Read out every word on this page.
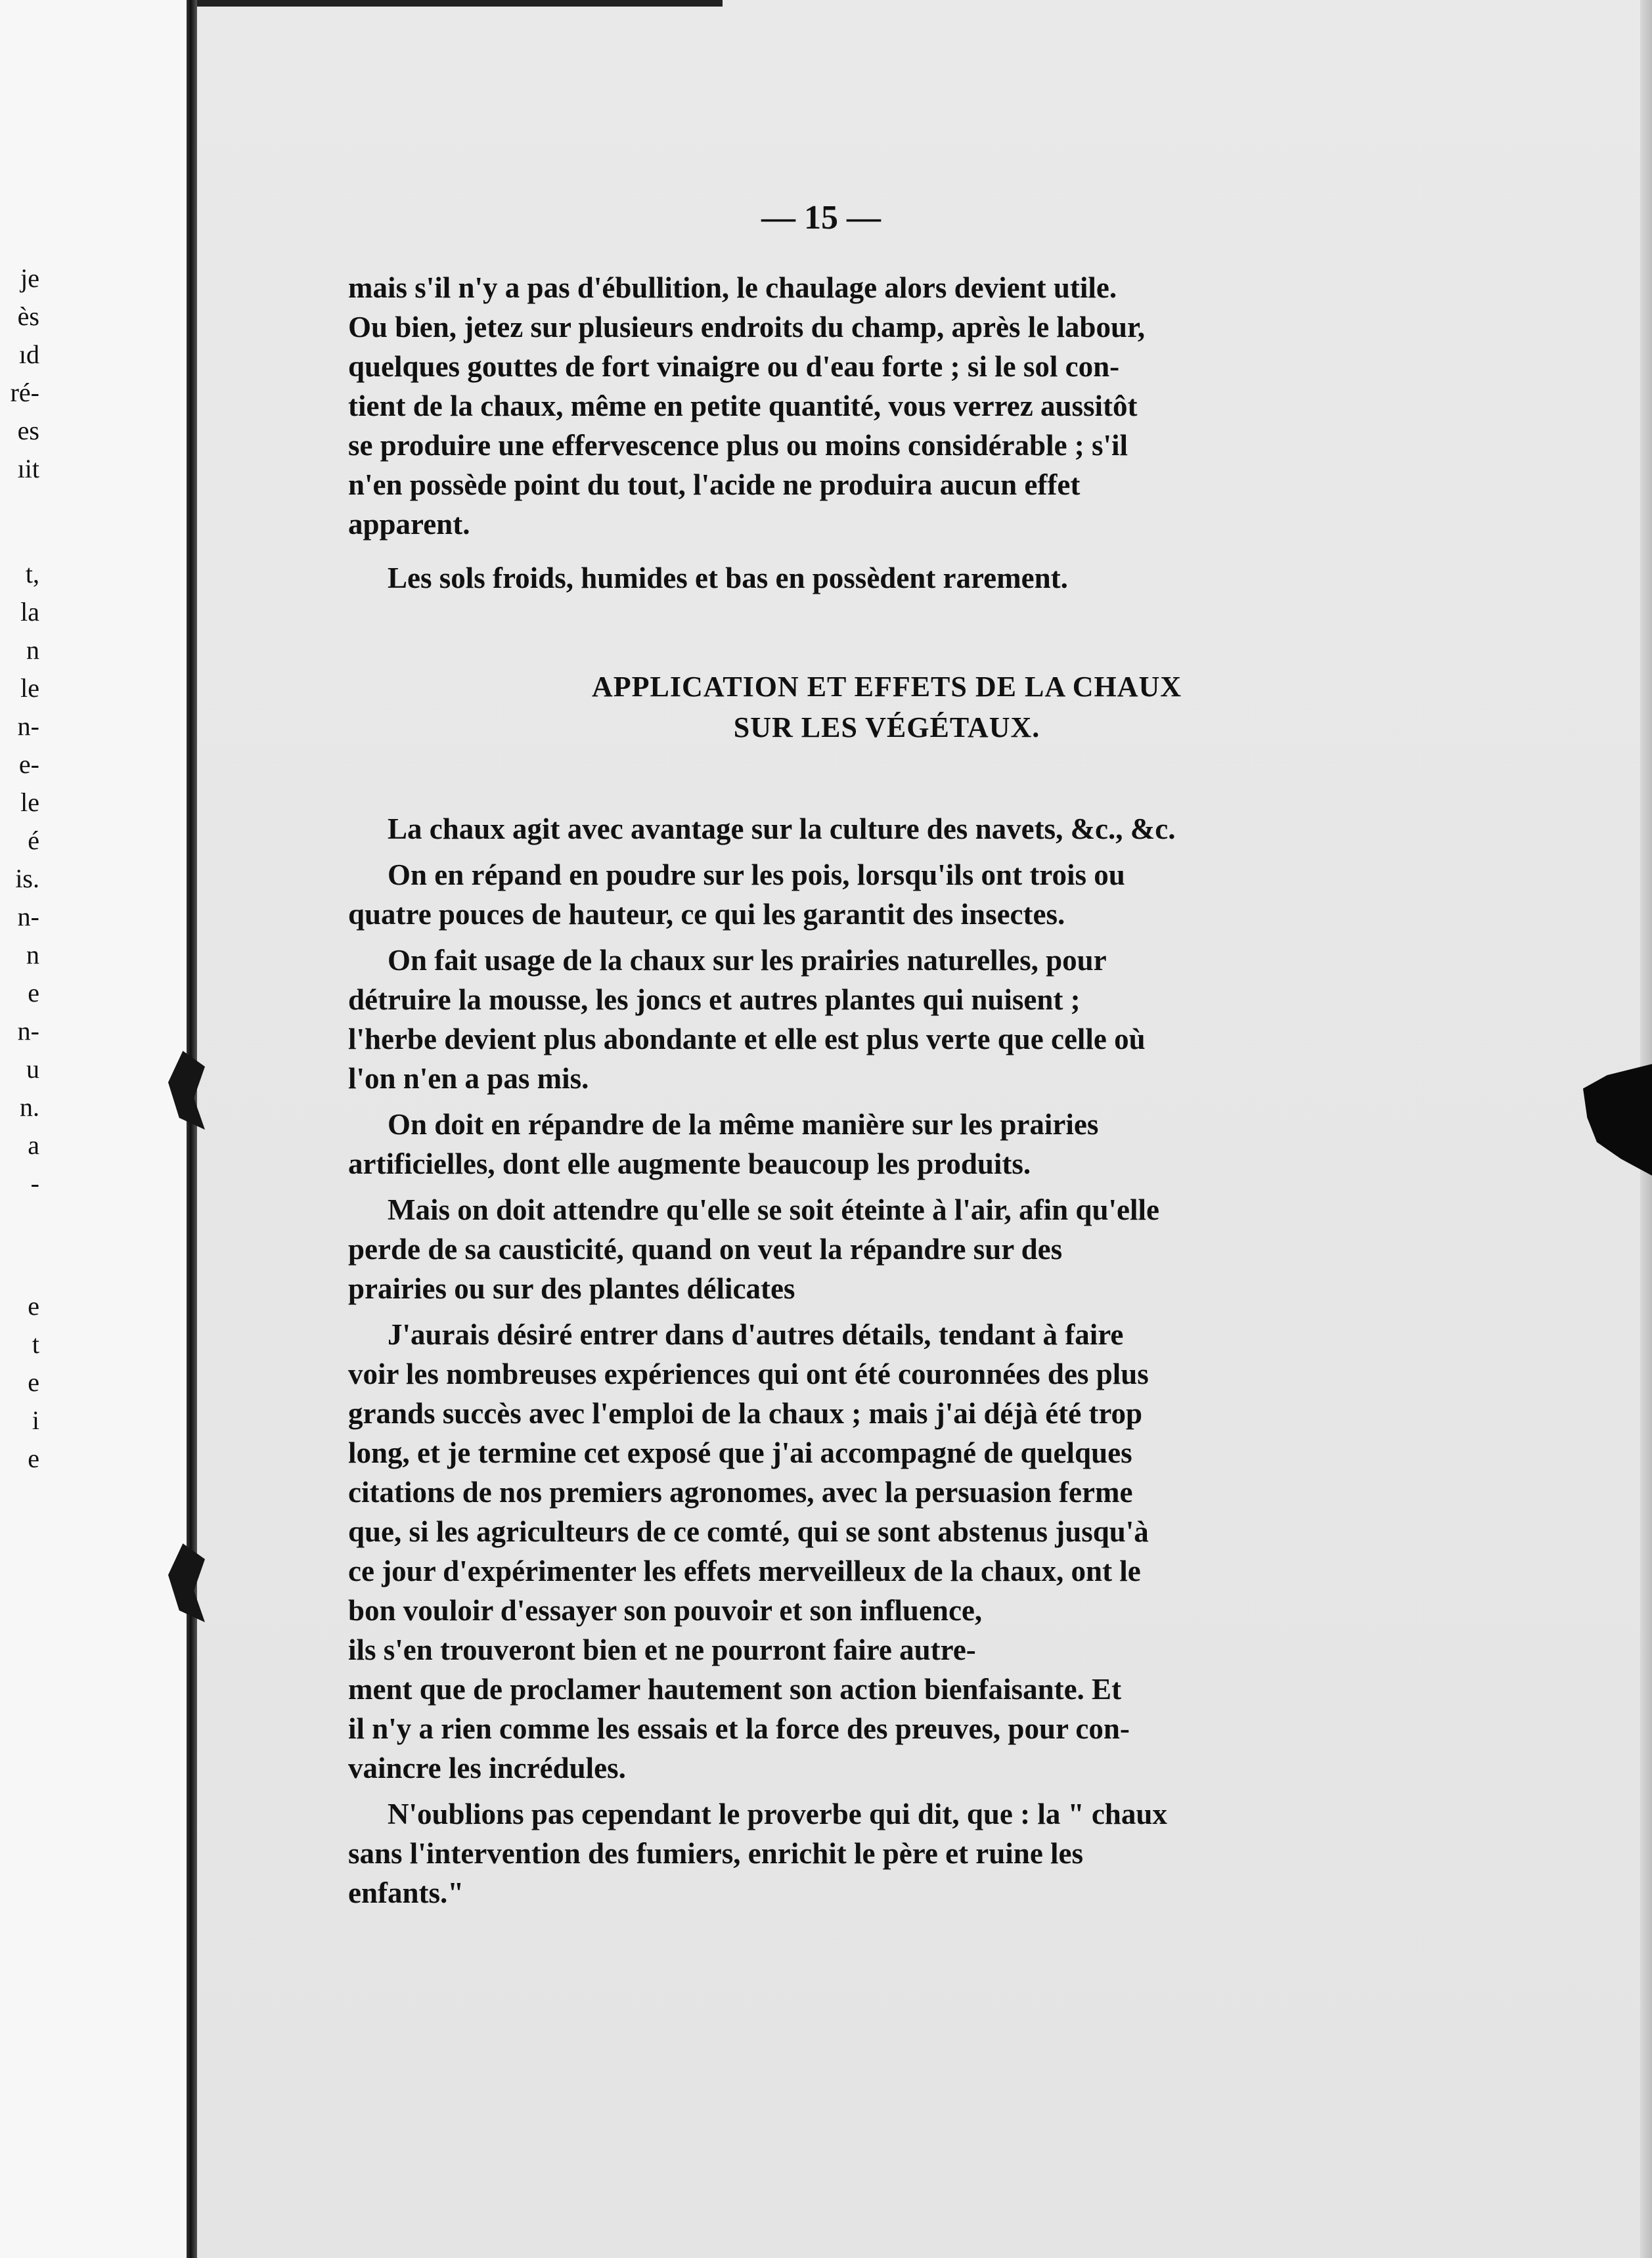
je
ès
ıd
ré-
es
ıit
t,
la
n
le
n-
e-
le
é
is.
n-
n
e
n-
u
n.
a
-
e
t
e
i
e
— 15 —
mais s'il n'y a pas d'ébullition, le chaulage alors devient utile.
Ou bien, jetez sur plusieurs endroits du champ, après le labour,
quelques gouttes de fort vinaigre ou d'eau forte ; si le sol con-
tient de la chaux, même en petite quantité, vous verrez aussitôt
se produire une effervescence plus ou moins considérable ; s'il
n'en possède point du tout, l'acide ne produira aucun effet
apparent.
Les sols froids, humides et bas en possèdent rarement.
APPLICATION ET EFFETS DE LA CHAUX
SUR LES VÉGÉTAUX.
La chaux agit avec avantage sur la culture des navets, &c., &c.
On en répand en poudre sur les pois, lorsqu'ils ont trois ou
quatre pouces de hauteur, ce qui les garantit des insectes.
On fait usage de la chaux sur les prairies naturelles, pour
détruire la mousse, les joncs et autres plantes qui nuisent ;
l'herbe devient plus abondante et elle est plus verte que celle où
l'on n'en a pas mis.
On doit en répandre de la même manière sur les prairies
artificielles, dont elle augmente beaucoup les produits.
Mais on doit attendre qu'elle se soit éteinte à l'air, afin qu'elle
perde de sa causticité, quand on veut la répandre sur des
prairies ou sur des plantes délicates
J'aurais désiré entrer dans d'autres détails, tendant à faire
voir les nombreuses expériences qui ont été couronnées des plus
grands succès avec l'emploi de la chaux ; mais j'ai déjà été trop
long, et je termine cet exposé que j'ai accompagné de quelques
citations de nos premiers agronomes, avec la persuasion ferme
que, si les agriculteurs de ce comté, qui se sont abstenus jusqu'à
ce jour d'expérimenter les effets merveilleux de la chaux, ont le
bon vouloir d'essayer son pouvoir et son influence,
ils s'en trouveront bien et ne pourront faire autre-
ment que de proclamer hautement son action bienfaisante. Et
il n'y a rien comme les essais et la force des preuves, pour con-
vaincre les incrédules.
N'oublions pas cependant le proverbe qui dit, que : la " chaux
sans l'intervention des fumiers, enrichit le père et ruine les
enfants."
